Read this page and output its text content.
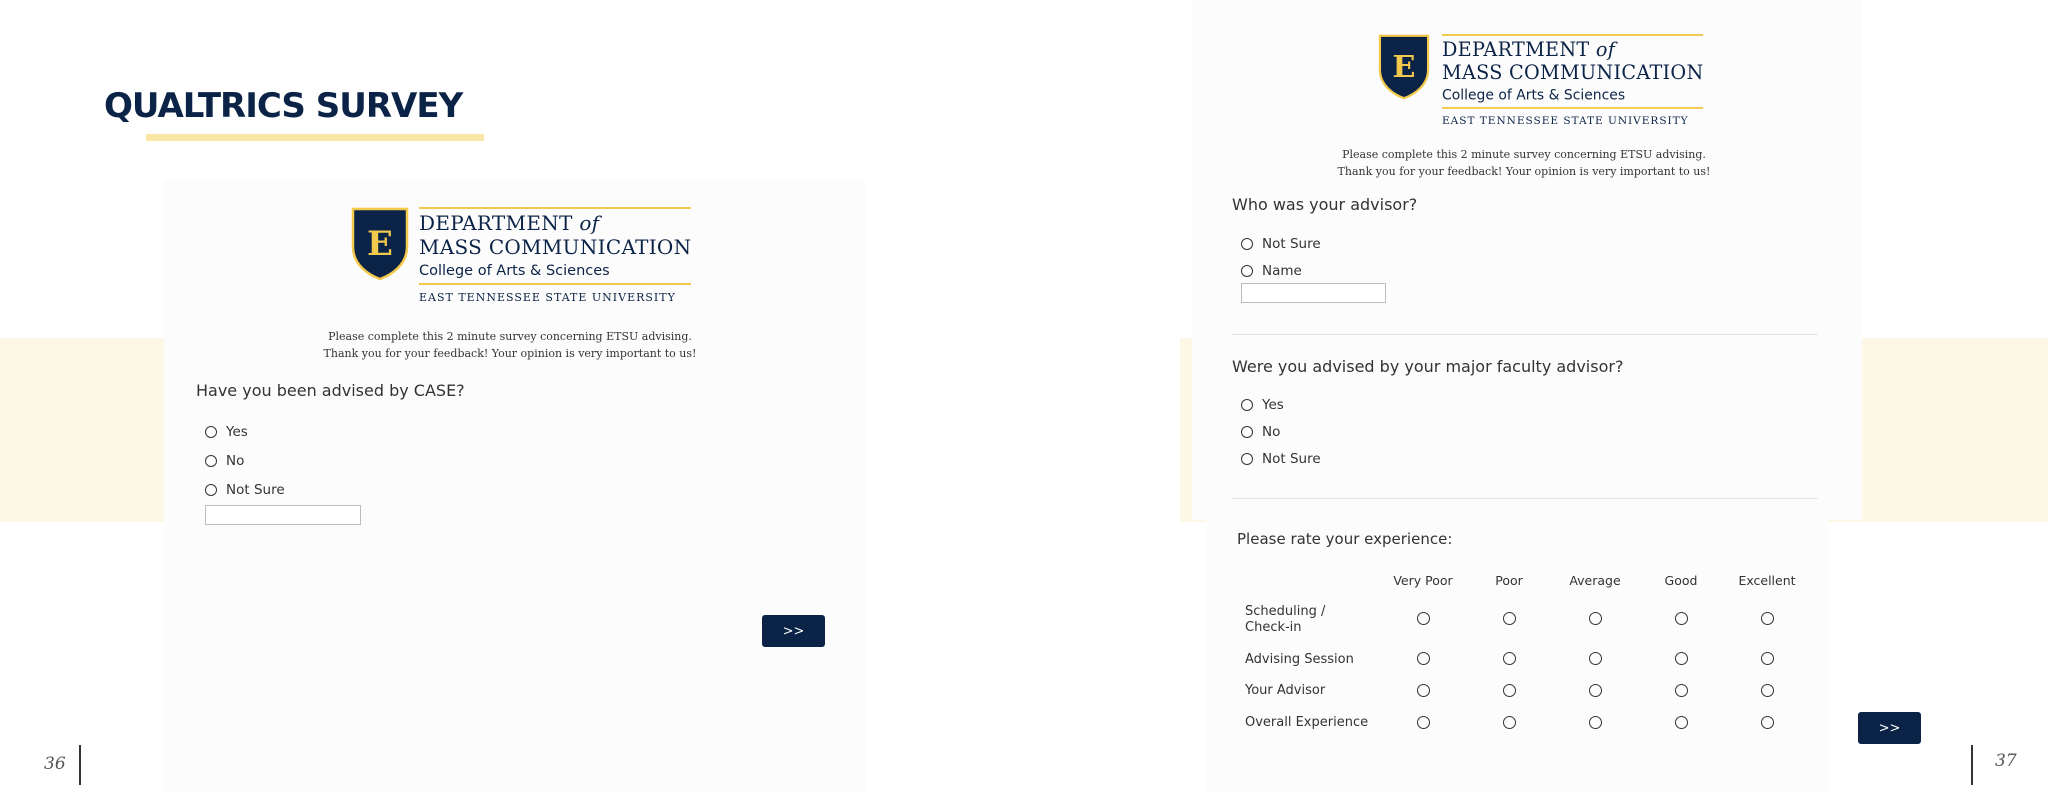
QUALTRICS SURVEY
E
DEPARTMENT of
MASS COMMUNICATION
College of Arts & Sciences
EAST TENNESSEE STATE UNIVERSITY
Please complete this 2 minute survey concerning ETSU advising.
Thank you for your feedback! Your opinion is very important to us!
Have you been advised by CASE?
Yes
No
Not Sure
>>
E
DEPARTMENT of
MASS COMMUNICATION
College of Arts & Sciences
EAST TENNESSEE STATE UNIVERSITY
Please complete this 2 minute survey concerning ETSU advising.
Thank you for your feedback! Your opinion is very important to us!
Who was your advisor?
Not Sure
Name
Were you advised by your major faculty advisor?
Yes
No
Not Sure
Please rate your experience:
Very Poor	Poor	Average	Good	Excellent
Scheduling /
Check-in
Advising Session
Your Advisor
Overall Experience	>>
36	37
